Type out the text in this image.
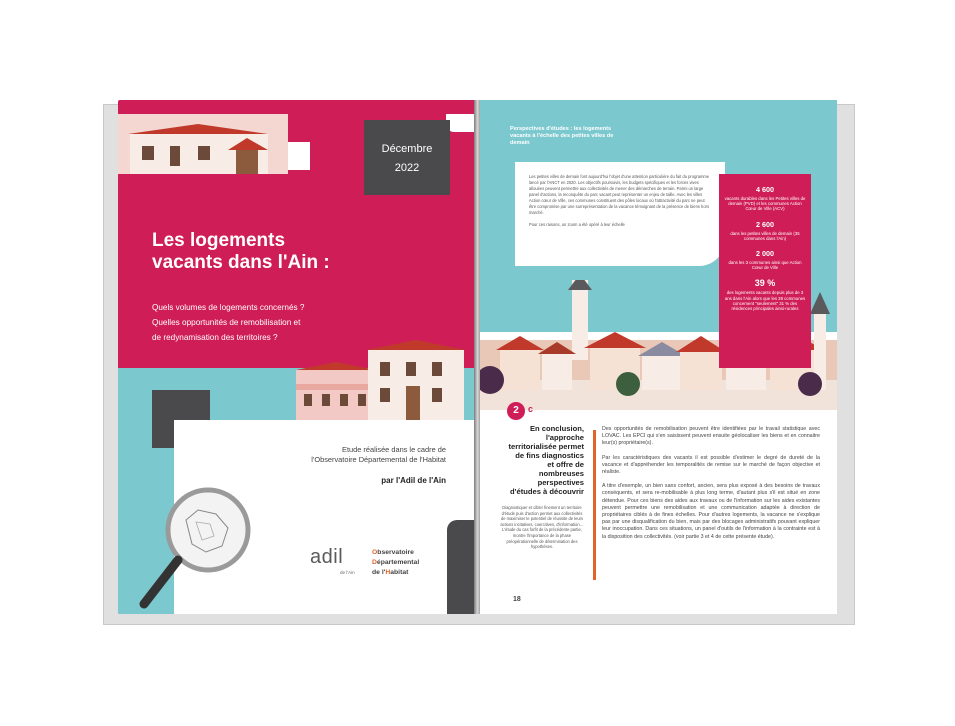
Décembre
2022
Les logements
vacants dans l'Ain :
Quels volumes de logements concernés ?
Quelles opportunités de remobilisation et
de redynamisation des territoires ?
Etude réalisée dans le cadre de
l'Observatoire Départemental de l'Habitat
par l'Adil de l'Ain
adil
de l'Ain
Observatoire
Départemental
de l'Habitat
Perspectives d'études : les logements vacants à l'échelle des petites villes de demain
Les petites villes de demain font aujourd'hui l'objet d'une attention particulière du fait du programme lancé par l'ANCT en 2020. Les objectifs poursuivis, les budgets spécifiques et les forces vives allouées peuvent permettre aux collectivités de mener des démarches de terrain. Parmi un large panel d'actions, la reconquête du parc vacant peut représenter un enjeu de taille. Avec les villes Action cœur de Ville, ces communes constituent des pôles locaux où l'attractivité du parc ne peut être compromise par une surreprésentation de la vacance témoignant de la présence de biens hors marché.
Pour ces raisons, un zoom a été opéré à leur échelle
4 600
vacants durables dans les Petites villes de demain (PVD) et les communes Action Cœur de Ville (ACV)
2 600
dans les petites villes de demain (35 communes dans l'Ain)
2 000
dans les 3 communes ainsi que Action Cœur de Ville
39 %
des logements vacants depuis plus de 3 ans dans l'Ain alors que les 38 communes concernent "seulement" 31 % des résidences principales ainsi-rurales
2	c
En conclusion, l'approche territorialisée permet de fins diagnostics et offre de nombreuses perspectives d'études à découvrir
Diagnostiquer et cibler finement un territoire d'étude puis d'action permet aux collectivités de maximiser le potentiel de réussite de leurs actions incitatives, coercitives, d'information… L'étude du cas forfit de la précédente partie, montre l'importance de la phase préopérationnelle de détermination des hypothèses.

Des opportunités de remobilisation peuvent être identifiées par le travail statistique avec LOVAC. Les EPCI qui s'en saisissent peuvent ensuite géolocaliser les biens et en connaitre leur(s) propriétaire(s).

Par les caractéristiques des vacants il est possible d'estimer le degré de dureté de la vacance et d'appréhender les temporalités de remise sur le marché de façon objective et réaliste.

A titre d'exemple, un bien sans confort, ancien, sera plus exposé à des besoins de travaux conséquents, et sera re-mobilisable à plus long terme, d'autant plus s'il est situé en zone détendue. Pour ces biens des aides aux travaux ou de l'information sur les aides existantes peuvent permettre une remobilisation et une communication adaptée à direction de propriétaires ciblés à de fines échelles. Pour d'autres logements, la vacance ne s'explique pas par une disqualification du bien, mais par des blocages administratifs pouvant expliquer leur inoccupation. Dans ces situations, un panel d'outils de l'information à la contrainte est à la disposition des collectivités. (voir partie 3 et 4 de cette présente étude).

18
